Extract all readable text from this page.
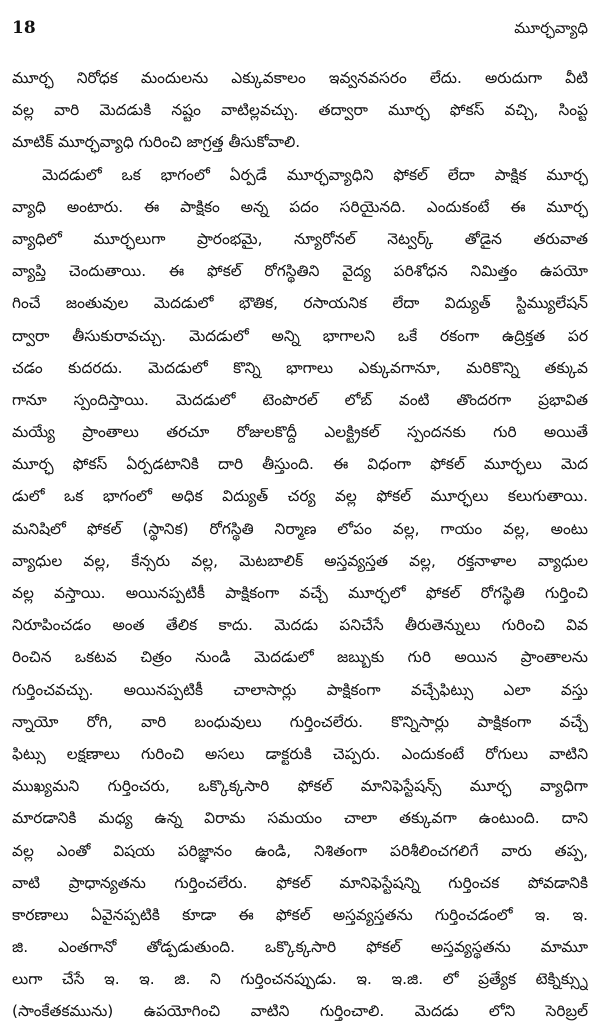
18	మూర్ఛవ్యాధి
మూర్ఛ నిరోధక మందులను ఎక్కువకాలం ఇవ్వనవసరం లేదు. అరుదుగా వీటి
వల్ల వారి మెదడుకి నష్టం వాటిల్లవచ్చు. తద్వారా మూర్ఛ ఫోకస్ వచ్చి, సింప్ట
మాటిక్ మూర్ఛవ్యాధి గురించి జాగ్రత్త తీసుకోవాలి.
మెదడులో ఒక భాగంలో ఏర్పడే మూర్ఛవ్యాధిని ఫోకల్ లేదా పాక్షిక మూర్ఛ
వ్యాధి అంటారు. ఈ పాక్షికం అన్న పదం సరియైనది. ఎందుకంటే ఈ మూర్ఛ
వ్యాధిలో మూర్ఛలుగా ప్రారంభమై, న్యూరోనల్ నెట్వర్క్ తోడైన తరువాత
వ్యాప్తి చెందుతాయి. ఈ ఫోకల్ రోగస్థితిని వైద్య పరిశోధన నిమిత్తం ఉపయో
గించే జంతువుల మెదడులో భౌతిక, రసాయనిక లేదా విద్యుత్ స్టిమ్యులేషన్
ద్వారా తీసుకురావచ్చు. మెదడులో అన్ని భాగాలని ఒకే రకంగా ఉద్రిక్తత పర
చడం కుదరదు. మెదడులో కొన్ని భాగాలు ఎక్కువగానూ, మరికొన్ని తక్కువ
గానూ స్పందిస్తాయి. మెదడులో టెంపొరల్ లోబ్ వంటి తొందరగా ప్రభావిత
మయ్యే ప్రాంతాలు తరచూ రోజులకొద్దీ ఎలక్ట్రికల్ స్పందనకు గురి అయితే
మూర్ఛ ఫోకస్ ఏర్పడటానికి దారి తీస్తుంది. ఈ విధంగా ఫోకల్ మూర్ఛలు మెద
డులో ఒక భాగంలో అధిక విద్యుత్ చర్య వల్ల ఫోకల్ మూర్ఛలు కలుగుతాయి.
మనిషిలో ఫోకల్ (స్థానిక) రోగస్థితి నిర్మాణ లోపం వల్ల, గాయం వల్ల, అంటు
వ్యాధుల వల్ల, కేన్సరు వల్ల, మెటబాలిక్ అస్తవ్యస్తత వల్ల, రక్తనాళాల వ్యాధుల
వల్ల వస్తాయి. అయినప్పటికీ పాక్షికంగా వచ్చే మూర్ఛలో ఫోకల్ రోగస్థితి గుర్తించి
నిరూపించడం అంత తేలిక కాదు. మెదడు పనిచేసే తీరుతెన్నులు గురించి వివ
రించిన ఒకటవ చిత్రం నుండి మెదడులో జబ్బుకు గురి అయిన ప్రాంతాలను
గుర్తించవచ్చు. అయినప్పటికీ చాలాసార్లు పాక్షికంగా వచ్చేఫిట్సు ఎలా వస్తు
న్నాయో రోగి, వారి బంధువులు గుర్తించలేరు. కొన్నిసార్లు పాక్షికంగా వచ్చే
ఫిట్సు లక్షణాలు గురించి అసలు డాక్టరుకి చెప్పరు. ఎందుకంటే రోగులు వాటిని
ముఖ్యమని గుర్తించరు, ఒక్కొక్కసారి ఫోకల్ మానిఫెస్టేషన్స్ మూర్ఛ వ్యాధిగా
మారడానికి మధ్య ఉన్న విరామ సమయం చాలా తక్కువగా ఉంటుంది. దాని
వల్ల ఎంతో విషయ పరిజ్ఞానం ఉండి, నిశితంగా పరిశీలించగలిగే వారు తప్ప,
వాటి ప్రాధాన్యతను గుర్తించలేరు. ఫోకల్ మానిఫెస్టేషన్ని గుర్తించక పోవడానికి
కారణాలు ఏవైనప్పటికి కూడా ఈ ఫోకల్ అస్తవ్యస్తతను గుర్తించడంలో ఇ. ఇ.
జి. ఎంతగానో తోడ్పడుతుంది. ఒక్కొక్కసారి ఫోకల్ అస్తవ్యస్థతను మామూ
లుగా చేసే ఇ. ఇ. జి. ని గుర్తించనప్పుడు. ఇ. ఇ.జి. లో ప్రత్యేక టెక్నిక్స్ను
(సాంకేతకమును) ఉపయోగించి వాటిని గుర్తించాలి. మెదడు లోని సెరిబ్రల్
